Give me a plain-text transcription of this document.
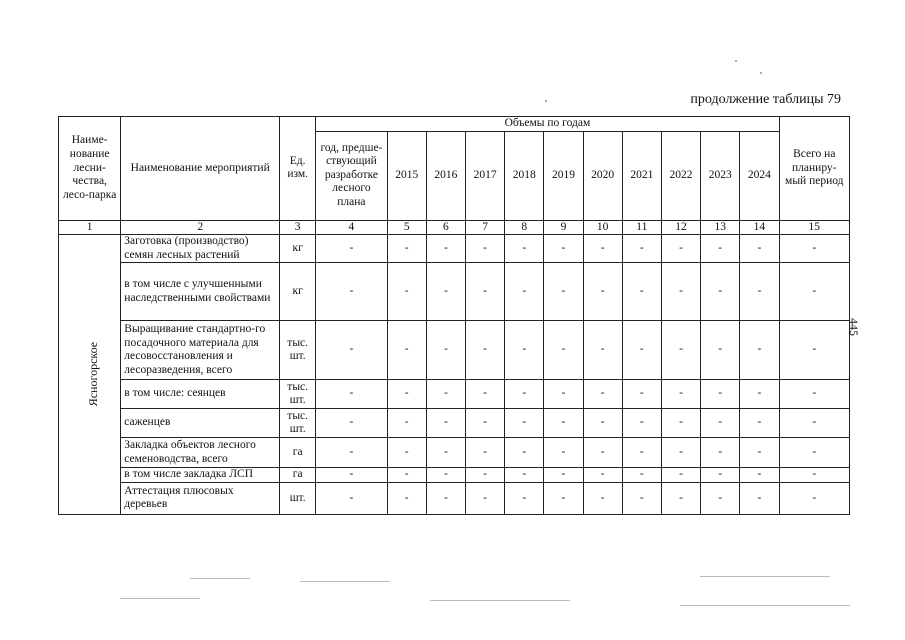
продолжение таблицы 79
445
Наиме-нование лесни-чества, лесо-парка	Наименование мероприятий	Ед. изм.	Объемы по годам											Всего на планиру-мый период
			год, предше-ствующий разработке лесного плана	2015	2016	2017	2018	2019	2020	2021	2022	2023	2024	
1	2	3	4	5	6	7	8	9	10	11	12	13	14	15
Ясногорское	Заготовка (производство) семян лесных растений	кг	-	-	-	-	-	-	-	-	-	-	-	-
	в том числе с улучшенными наследственными свойствами	кг	-	-	-	-	-	-	-	-	-	-	-	-
	Выращивание стандартно-го посадочного материала для лесовосстановления и лесоразведения, всего	тыс. шт.	-	-	-	-	-	-	-	-	-	-	-	-
	в том числе: сеянцев	тыс. шт.	-	-	-	-	-	-	-	-	-	-	-	-
	саженцев	тыс. шт.	-	-	-	-	-	-	-	-	-	-	-	-
	Закладка объектов лесного семеноводства, всего	га	-	-	-	-	-	-	-	-	-	-	-	-
	в том числе закладка ЛСП	га	-	-	-	-	-	-	-	-	-	-	-	-
	Аттестация плюсовых деревьев	шт.	-	-	-	-	-	-	-	-	-	-	-	-
